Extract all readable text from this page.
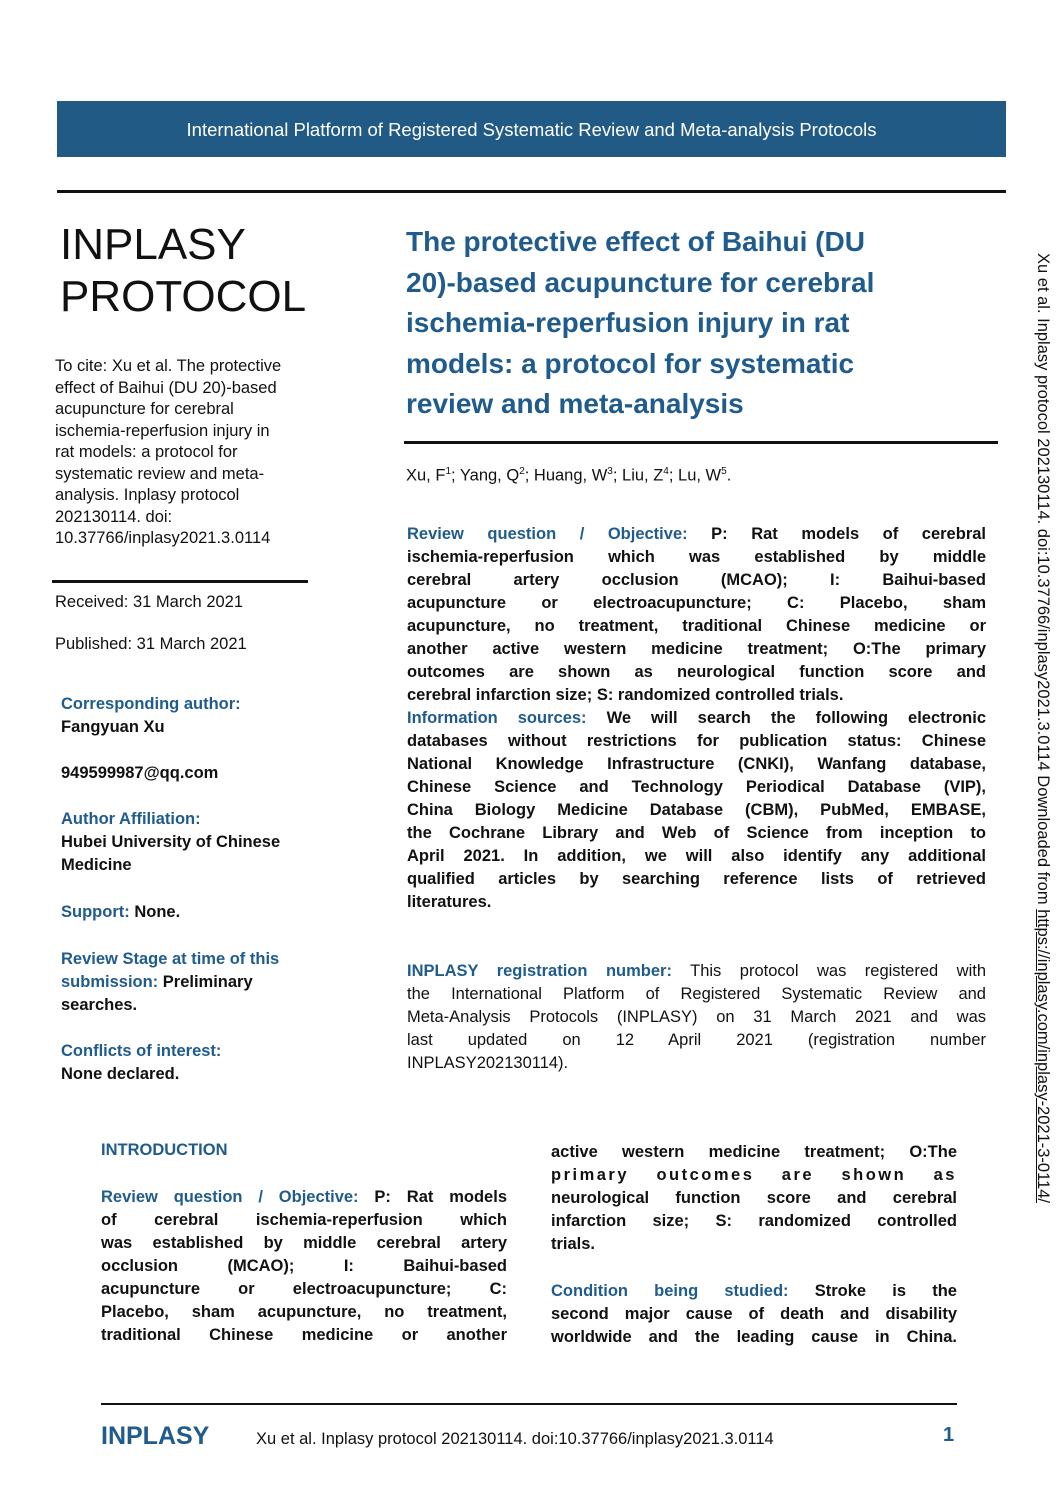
International Platform of Registered Systematic Review and Meta-analysis Protocols
INPLASY
PROTOCOL
To cite: Xu et al. The protective
effect of Baihui (DU 20)-based
acupuncture for cerebral
ischemia-reperfusion injury in
rat models: a protocol for
systematic review and meta-
analysis. Inplasy protocol
202130114. doi:
10.37766/inplasy2021.3.0114
Received: 31 March 2021
Published: 31 March 2021
Corresponding author:
Fangyuan Xu
949599987@qq.com
Author Affiliation:
Hubei University of Chinese
Medicine
Support: None.
Review Stage at time of this
submission: Preliminary
searches.
Conflicts of interest:
None declared.
The protective effect of Baihui (DU
20)-based acupuncture for cerebral
ischemia-reperfusion injury in rat
models: a protocol for systematic
review and meta-analysis
Xu, $F^1$; Yang, $Q^2$; Huang, $W^3$; Liu, $Z^4$; Lu, $W^5$.
Review question / Objective: P: Rat models of cerebral
ischemia-reperfusion which was established by middle
cerebral artery occlusion (MCAO); I: Baihui-based
acupuncture or electroacupuncture; C: Placebo, sham
acupuncture, no treatment, traditional Chinese medicine or
another active western medicine treatment; O:The primary
outcomes are shown as neurological function score and
cerebral infarction size; S: randomized controlled trials.
Information sources: We will search the following electronic
databases without restrictions for publication status: Chinese
National Knowledge Infrastructure (CNKI), Wanfang database,
Chinese Science and Technology Periodical Database (VIP),
China Biology Medicine Database (CBM), PubMed, EMBASE,
the Cochrane Library and Web of Science from inception to
April 2021. In addition, we will also identify any additional
qualified articles by searching reference lists of retrieved
literatures.
INPLASY registration number: This protocol was registered with
the International Platform of Registered Systematic Review and
Meta-Analysis Protocols (INPLASY) on 31 March 2021 and was
last updated on 12 April 2021 (registration number
INPLASY202130114).
INTRODUCTION
Review question / Objective: P: Rat models
of cerebral ischemia-reperfusion which
was established by middle cerebral artery
occlusion (MCAO); I: Baihui-based
acupuncture or electroacupuncture; C:
Placebo, sham acupuncture, no treatment,
traditional Chinese medicine or another
active western medicine treatment; O:The
primary outcomes are shown as
neurological function score and cerebral
infarction size; S: randomized controlled
trials.
Condition being studied: Stroke is the
second major cause of death and disability
worldwide and the leading cause in China.
INPLASY	Xu et al. Inplasy protocol 202130114. doi:10.37766/inplasy2021.3.0114	1
Xu et al. Inplasy protocol 202130114. doi:10.37766/inplasy2021.3.0114 Downloaded from https://inplasy.com/inplasy-2021-3-0114/
